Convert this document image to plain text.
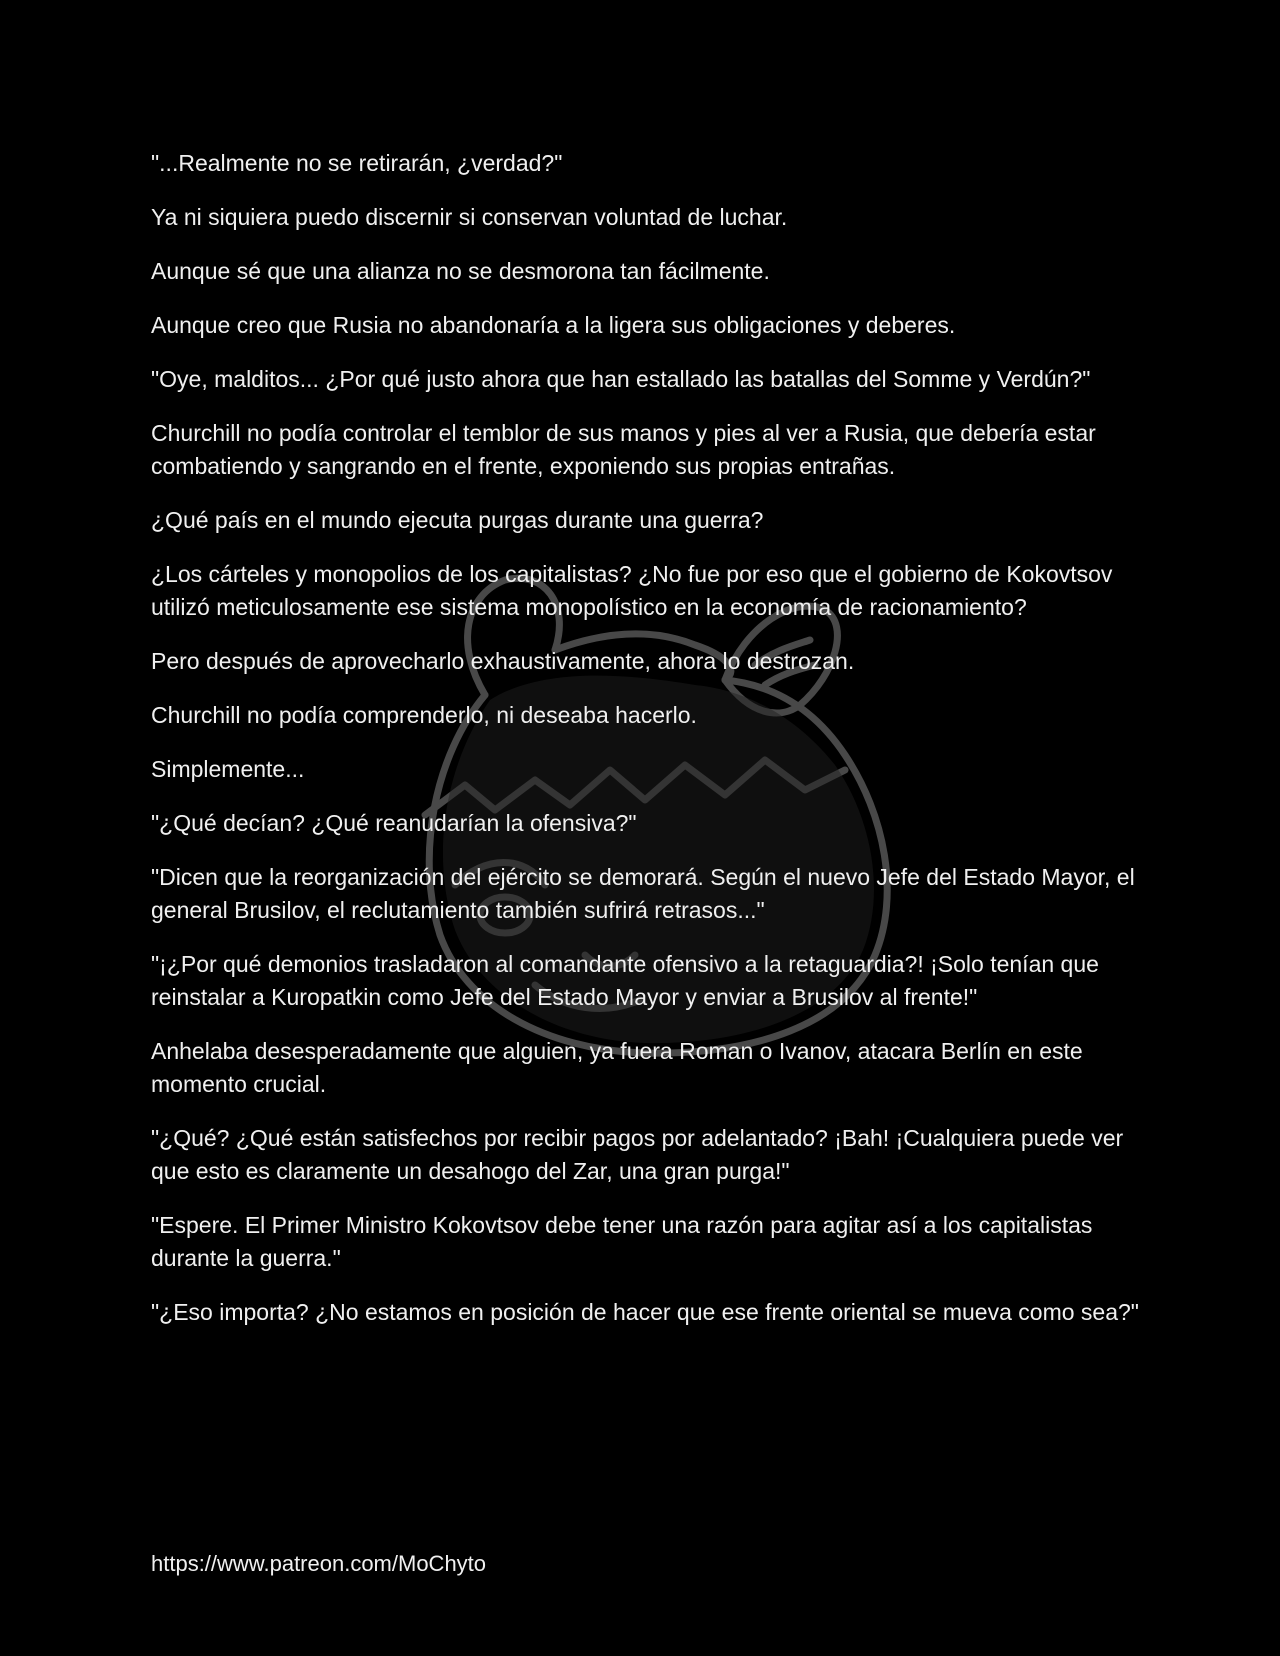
"...Realmente no se retirarán, ¿verdad?"

Ya ni siquiera puedo discernir si conservan voluntad de luchar.

Aunque sé que una alianza no se desmorona tan fácilmente.

Aunque creo que Rusia no abandonaría a la ligera sus obligaciones y deberes.

"Oye, malditos... ¿Por qué justo ahora que han estallado las batallas del Somme y Verdún?"

Churchill no podía controlar el temblor de sus manos y pies al ver a Rusia, que debería estar combatiendo y sangrando en el frente, exponiendo sus propias entrañas.

¿Qué país en el mundo ejecuta purgas durante una guerra?

¿Los cárteles y monopolios de los capitalistas? ¿No fue por eso que el gobierno de Kokovtsov utilizó meticulosamente ese sistema monopolístico en la economía de racionamiento?

Pero después de aprovecharlo exhaustivamente, ahora lo destrozan.

Churchill no podía comprenderlo, ni deseaba hacerlo.

Simplemente...

"¿Qué decían? ¿Qué reanudarían la ofensiva?"

"Dicen que la reorganización del ejército se demorará. Según el nuevo Jefe del Estado Mayor, el general Brusilov, el reclutamiento también sufrirá retrasos..."

"¡¿Por qué demonios trasladaron al comandante ofensivo a la retaguardia?! ¡Solo tenían que reinstalar a Kuropatkin como Jefe del Estado Mayor y enviar a Brusilov al frente!"

Anhelaba desesperadamente que alguien, ya fuera Roman o Ivanov, atacara Berlín en este momento crucial.

"¿Qué? ¿Qué están satisfechos por recibir pagos por adelantado? ¡Bah! ¡Cualquiera puede ver que esto es claramente un desahogo del Zar, una gran purga!"

"Espere. El Primer Ministro Kokovtsov debe tener una razón para agitar así a los capitalistas durante la guerra."

"¿Eso importa? ¿No estamos en posición de hacer que ese frente oriental se mueva como sea?"

https://www.patreon.com/MoChyto
